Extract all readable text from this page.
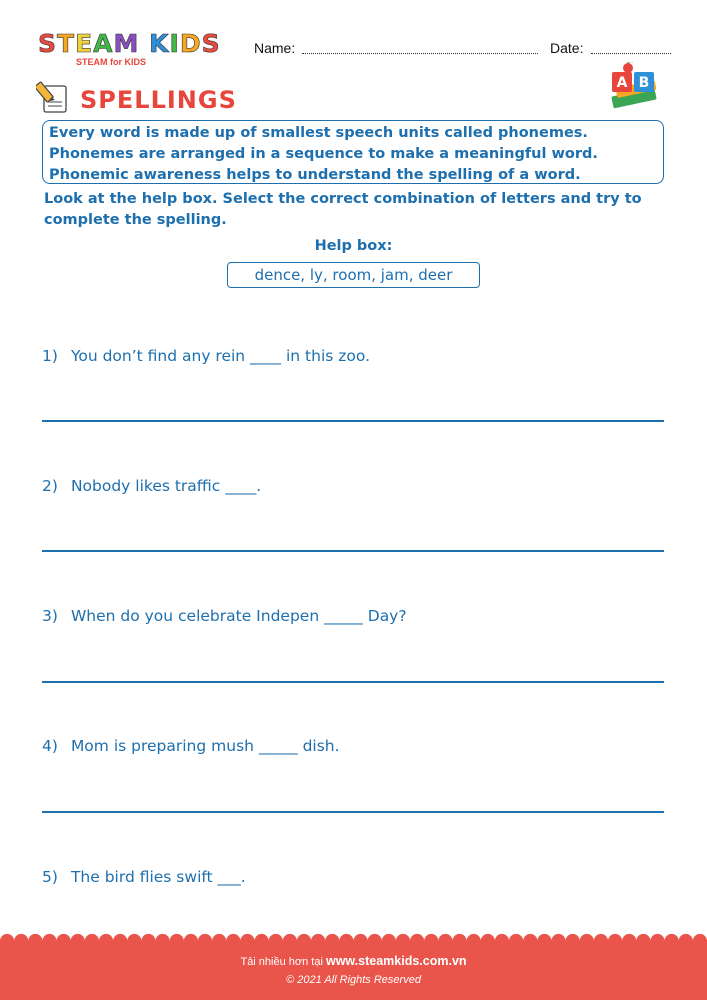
STEAM KIDS
STEAM for KIDS
Name:	Date:
SPELLINGS
A B

Every word is made up of smallest speech units called phonemes. Phonemes are arranged in a sequence to make a meaningful word. Phonemic awareness helps to understand the spelling of a word.

Look at the help box. Select the correct combination of letters and try to complete the spelling.

Help box:
dence, ly, room, jam, deer
1) You don’t find any rein ____ in this zoo.
2) Nobody likes traffic ____.
3) When do you celebrate Indepen _____ Day?
4) Mom is preparing mush _____ dish.
5) The bird flies swift ___.
Tải nhiều hơn tại www.steamkids.com.vn
© 2021 All Rights Reserved
